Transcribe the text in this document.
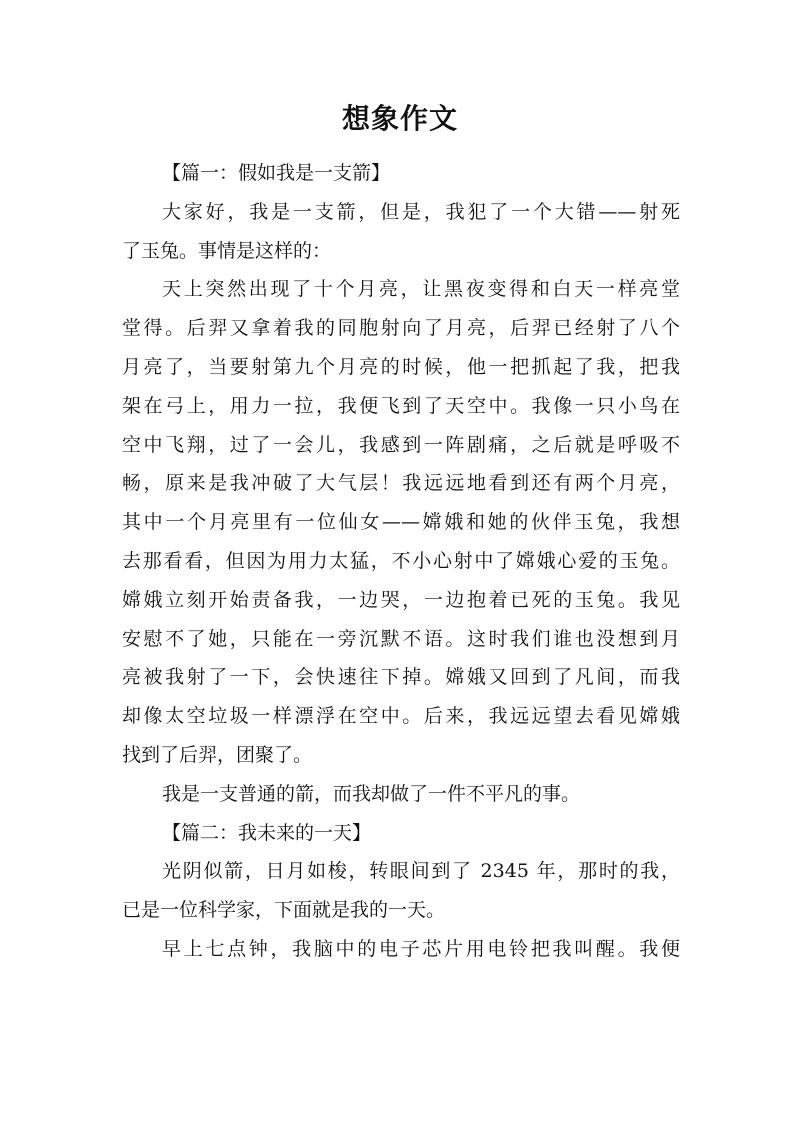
想象作文
【篇一：假如我是一支箭】
大家好，我是一支箭，但是，我犯了一个大错——射死
了玉兔。事情是这样的：
天上突然出现了十个月亮，让黑夜变得和白天一样亮堂
堂得。后羿又拿着我的同胞射向了月亮，后羿已经射了八个
月亮了，当要射第九个月亮的时候，他一把抓起了我，把我
架在弓上，用力一拉，我便飞到了天空中。我像一只小鸟在
空中飞翔，过了一会儿，我感到一阵剧痛，之后就是呼吸不
畅，原来是我冲破了大气层！我远远地看到还有两个月亮，
其中一个月亮里有一位仙女——嫦娥和她的伙伴玉兔，我想
去那看看，但因为用力太猛，不小心射中了嫦娥心爱的玉兔。
嫦娥立刻开始责备我，一边哭，一边抱着已死的玉兔。我见
安慰不了她，只能在一旁沉默不语。这时我们谁也没想到月
亮被我射了一下，会快速往下掉。嫦娥又回到了凡间，而我
却像太空垃圾一样漂浮在空中。后来，我远远望去看见嫦娥
找到了后羿，团聚了。
我是一支普通的箭，而我却做了一件不平凡的事。
【篇二：我未来的一天】
光阴似箭，日月如梭，转眼间到了 2345 年，那时的我，
已是一位科学家，下面就是我的一天。
早上七点钟，我脑中的电子芯片用电铃把我叫醒。我便
